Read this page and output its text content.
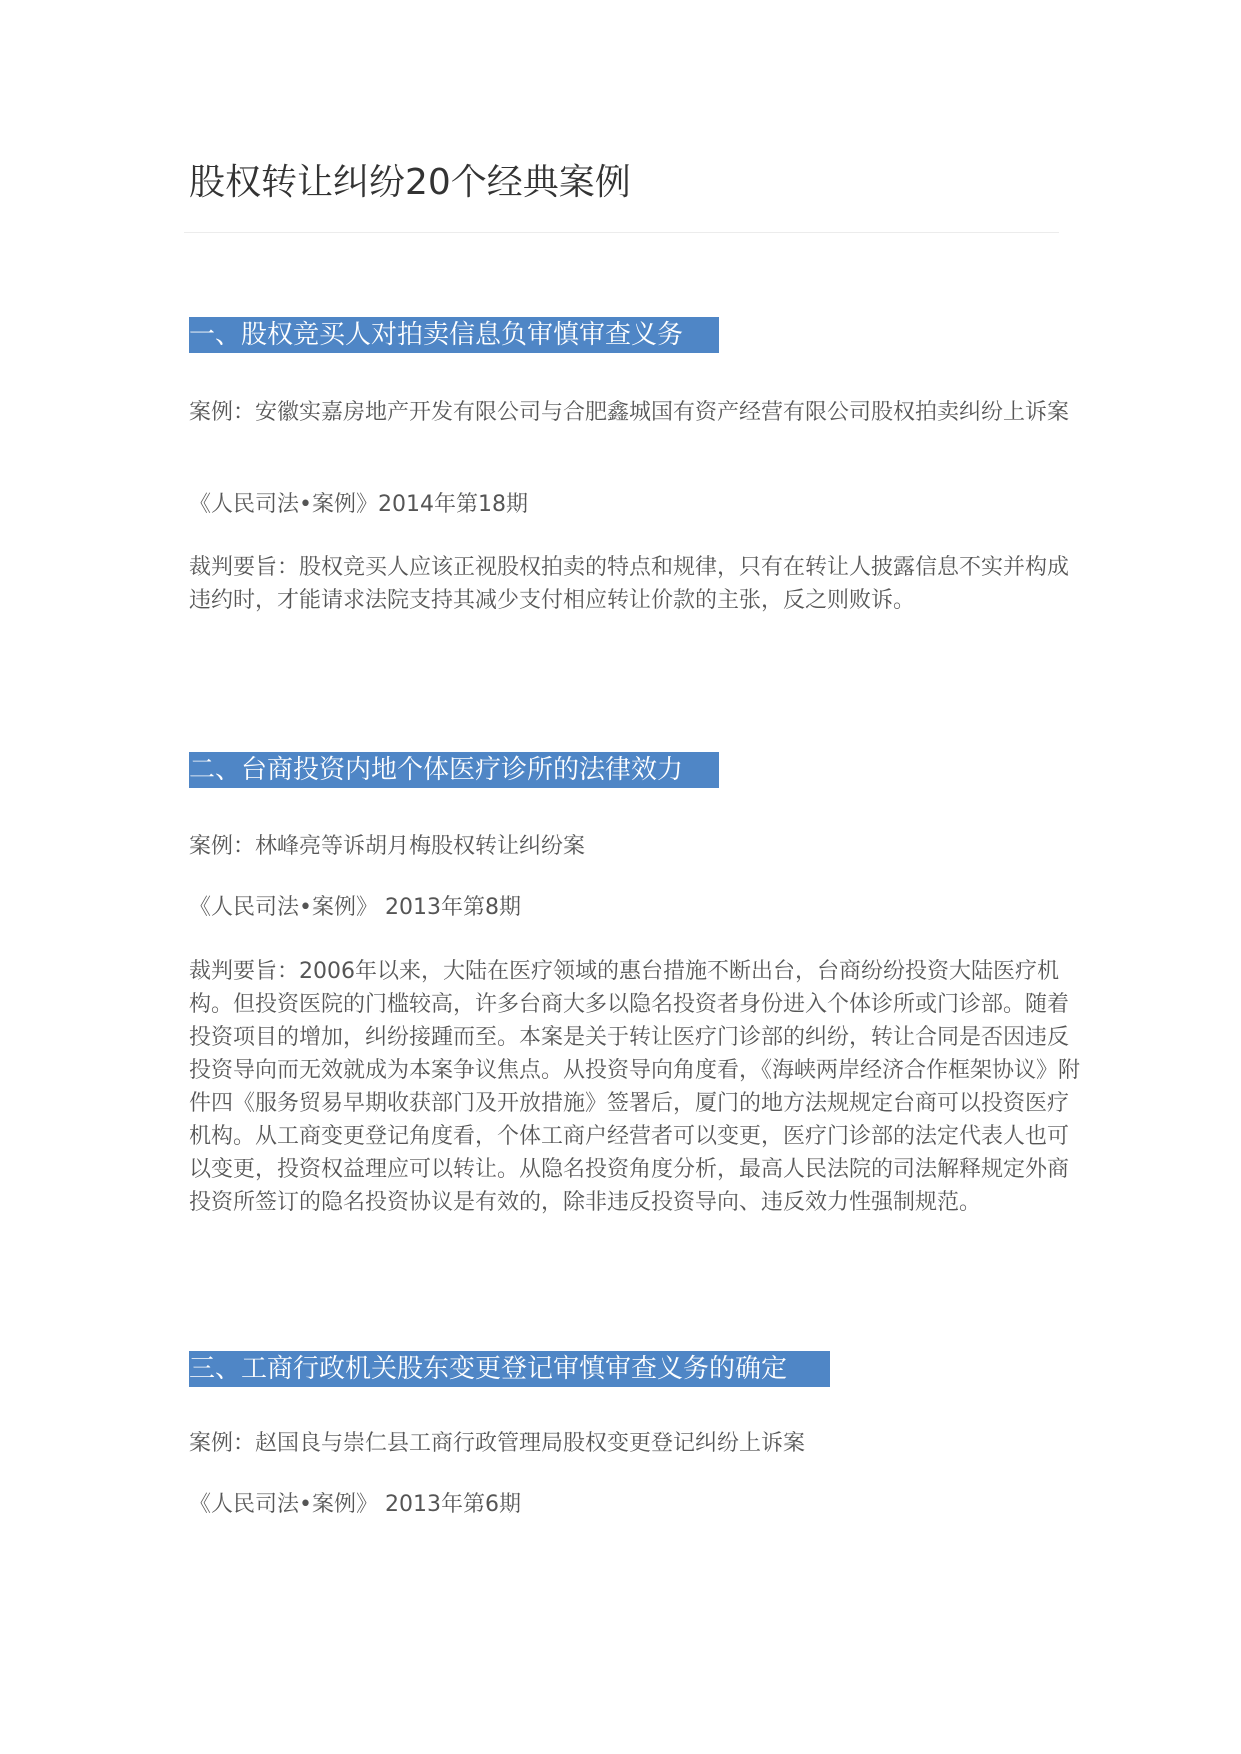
股权转让纠纷20个经典案例
一、股权竞买人对拍卖信息负审慎审查义务

案例：安徽实嘉房地产开发有限公司与合肥鑫城国有资产经营有限公司股权拍卖纠纷上诉案

《人民司法•案例》2014年第18期

裁判要旨：股权竞买人应该正视股权拍卖的特点和规律，只有在转让人披露信息不实并构成违约时，才能请求法院支持其减少支付相应转让价款的主张，反之则败诉。

二、台商投资内地个体医疗诊所的法律效力

案例：林峰亮等诉胡月梅股权转让纠纷案

《人民司法•案例》 2013年第8期

裁判要旨：2006年以来，大陆在医疗领域的惠台措施不断出台，台商纷纷投资大陆医疗机构。但投资医院的门槛较高，许多台商大多以隐名投资者身份进入个体诊所或门诊部。随着投资项目的增加，纠纷接踵而至。本案是关于转让医疗门诊部的纠纷，转让合同是否因违反投资导向而无效就成为本案争议焦点。从投资导向角度看，《海峡两岸经济合作框架协议》附件四《服务贸易早期收获部门及开放措施》签署后，厦门的地方法规规定台商可以投资医疗机构。从工商变更登记角度看，个体工商户经营者可以变更，医疗门诊部的法定代表人也可以变更，投资权益理应可以转让。从隐名投资角度分析，最高人民法院的司法解释规定外商投资所签订的隐名投资协议是有效的，除非违反投资导向、违反效力性强制规范。

三、工商行政机关股东变更登记审慎审查义务的确定

案例：赵国良与崇仁县工商行政管理局股权变更登记纠纷上诉案

《人民司法•案例》 2013年第6期
